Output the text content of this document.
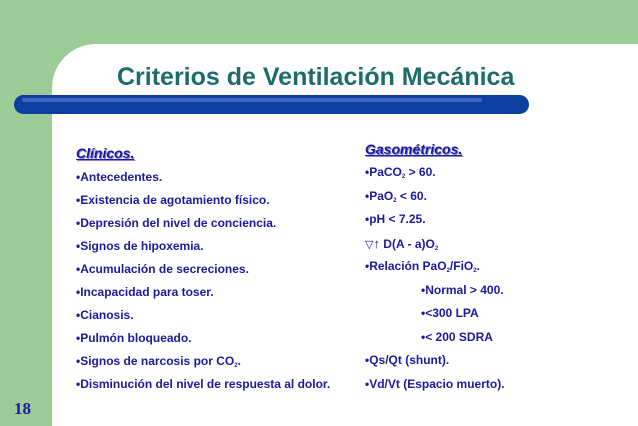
Criterios de Ventilación Mecánica
Clínicos.
•Antecedentes.
•Existencia de agotamiento físico.
•Depresión del nivel de conciencia.
•Signos de hipoxemia.
•Acumulación de secreciones.
•Incapacidad para toser.
•Cianosis.
•Pulmón bloqueado.
•Signos de narcosis por $CO_2$.
•Disminución del nivel de respuesta al dolor.
Gasométricos.
•PaCO$_2$ > 60.
•PaO$_2$ < 60.
•pH < 7.25.
▽↑ $D(A - a)O_2$
•Relación PaO$_2$/FiO$_2$.
•Normal > 400.
•<300 LPA
•< 200 SDRA
•Qs/Qt (shunt).
•Vd/Vt (Espacio muerto).
18
